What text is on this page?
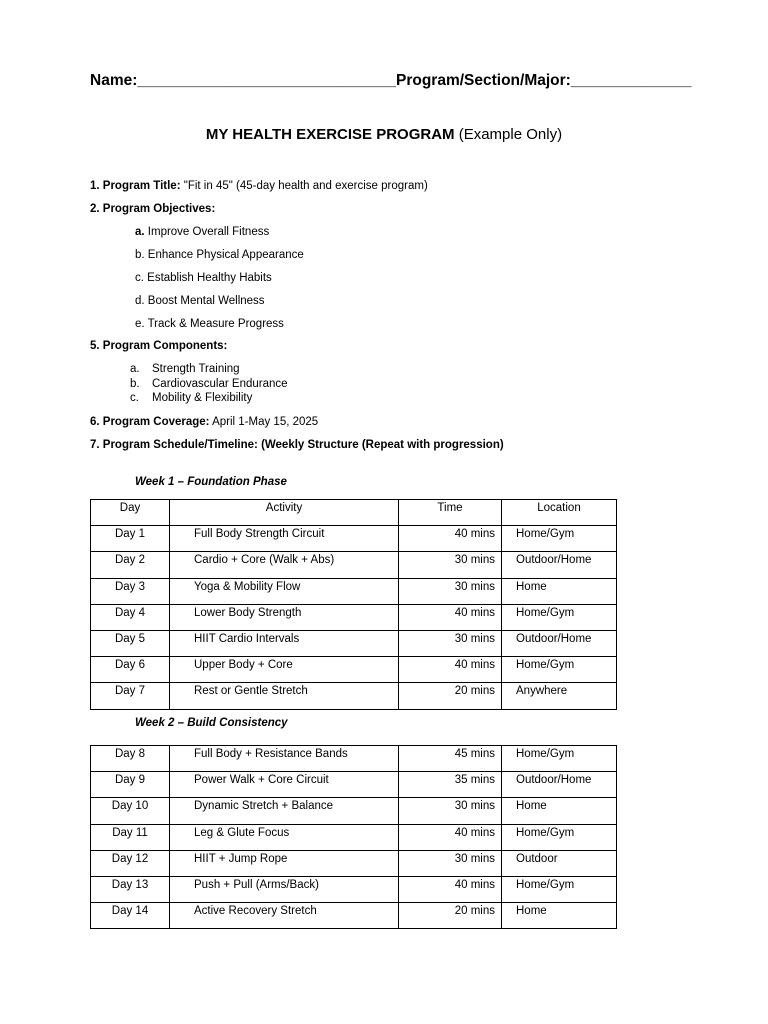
Name:______________________________Program/Section/Major:______________
MY HEALTH EXERCISE PROGRAM (Example Only)
1. Program Title: "Fit in 45" (45-day health and exercise program)
2. Program Objectives:
a. Improve Overall Fitness
b. Enhance Physical Appearance
c. Establish Healthy Habits
d. Boost Mental Wellness
e. Track & Measure Progress
5. Program Components:
a. Strength Training
b. Cardiovascular Endurance
c. Mobility & Flexibility
6. Program Coverage: April 1-May 15, 2025
7. Program Schedule/Timeline: (Weekly Structure (Repeat with progression)
Week 1 – Foundation Phase
Day	Activity	Time	Location
Day 1	Full Body Strength Circuit	40 mins	Home/Gym
Day 2	Cardio + Core (Walk + Abs)	30 mins	Outdoor/Home
Day 3	Yoga & Mobility Flow	30 mins	Home
Day 4	Lower Body Strength	40 mins	Home/Gym
Day 5	HIIT Cardio Intervals	30 mins	Outdoor/Home
Day 6	Upper Body + Core	40 mins	Home/Gym
Day 7	Rest or Gentle Stretch	20 mins	Anywhere
Week 2 – Build Consistency
Day 8	Full Body + Resistance Bands	45 mins	Home/Gym
Day 9	Power Walk + Core Circuit	35 mins	Outdoor/Home
Day 10	Dynamic Stretch + Balance	30 mins	Home
Day 11	Leg & Glute Focus	40 mins	Home/Gym
Day 12	HIIT + Jump Rope	30 mins	Outdoor
Day 13	Push + Pull (Arms/Back)	40 mins	Home/Gym
Day 14	Active Recovery Stretch	20 mins	Home
